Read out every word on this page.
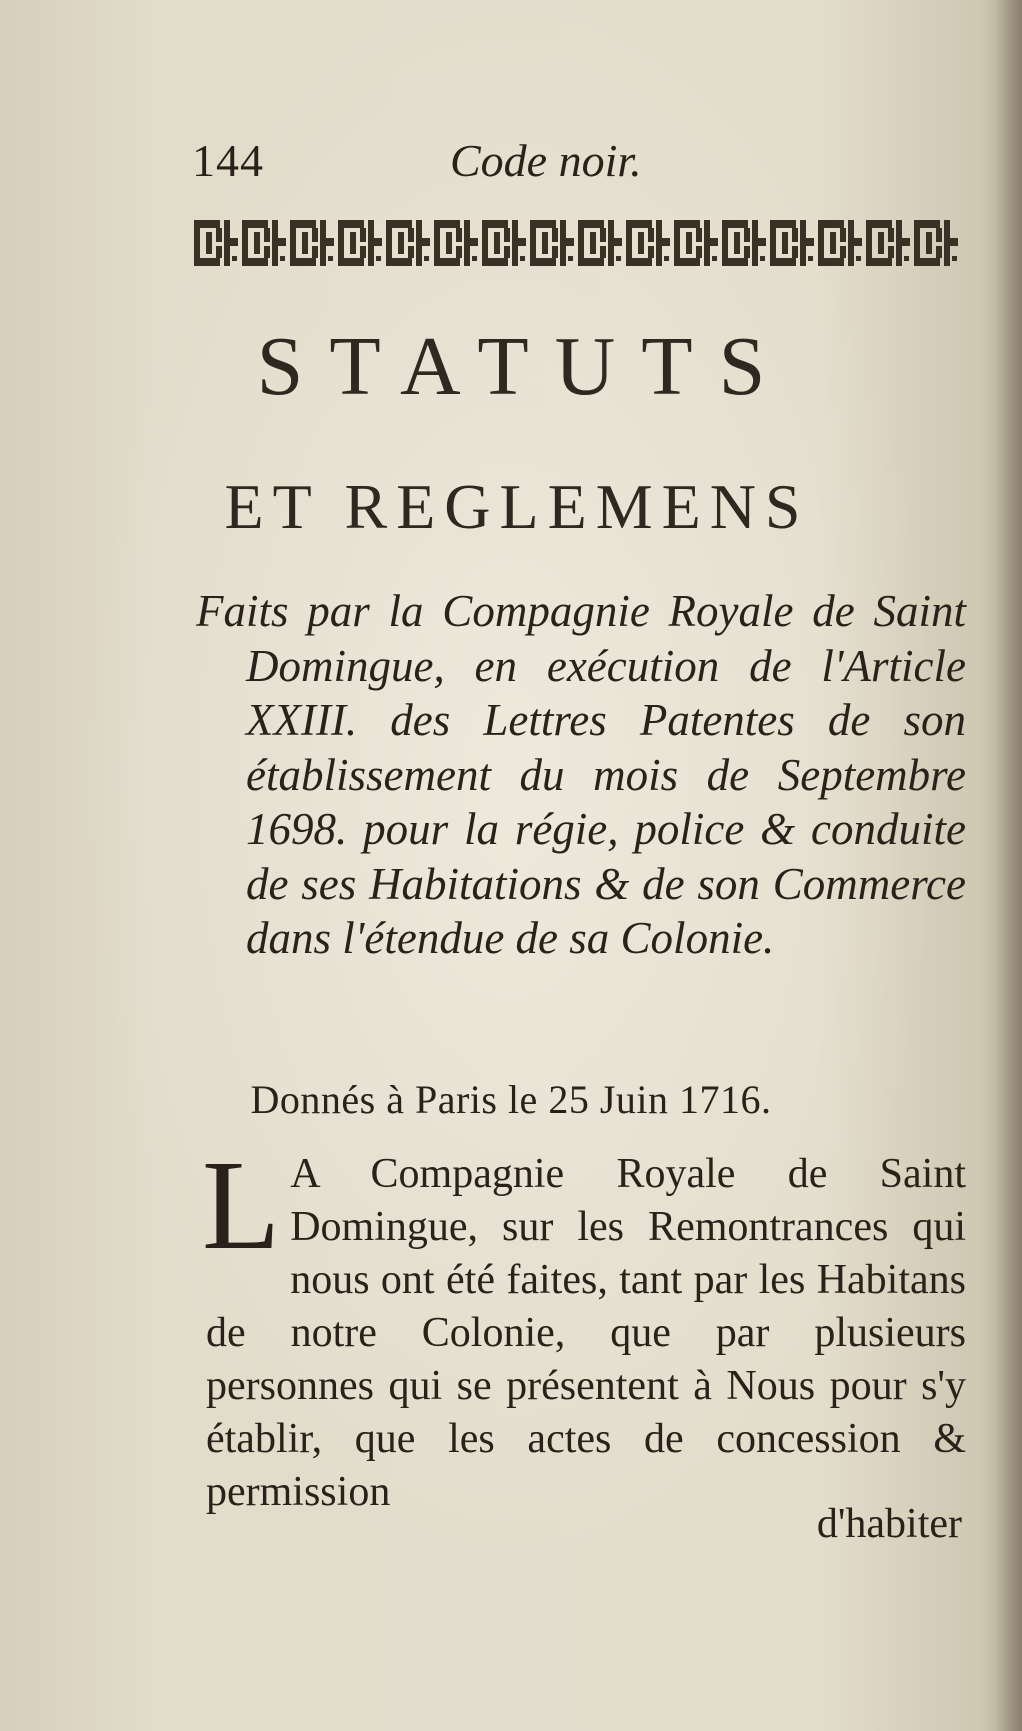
144	Code noir.
STATUTS
ET REGLEMENS
Faits par la Compagnie Royale de Saint Domingue, en exécution de l'Article XXIII. des Lettres Patentes de son établissement du mois de Septembre 1698. pour la régie, police & conduite de ses Habitations & de son Commerce dans l'étendue de sa Colonie.
Donnés à Paris le 25 Juin 1716.
L A Compagnie Royale de Saint Domingue, sur les Remontrances qui nous ont été faites, tant par les Habitans de notre Colonie, que par plusieurs personnes qui se présentent à Nous pour s'y établir, que les actes de concession & permission
d'habiter
